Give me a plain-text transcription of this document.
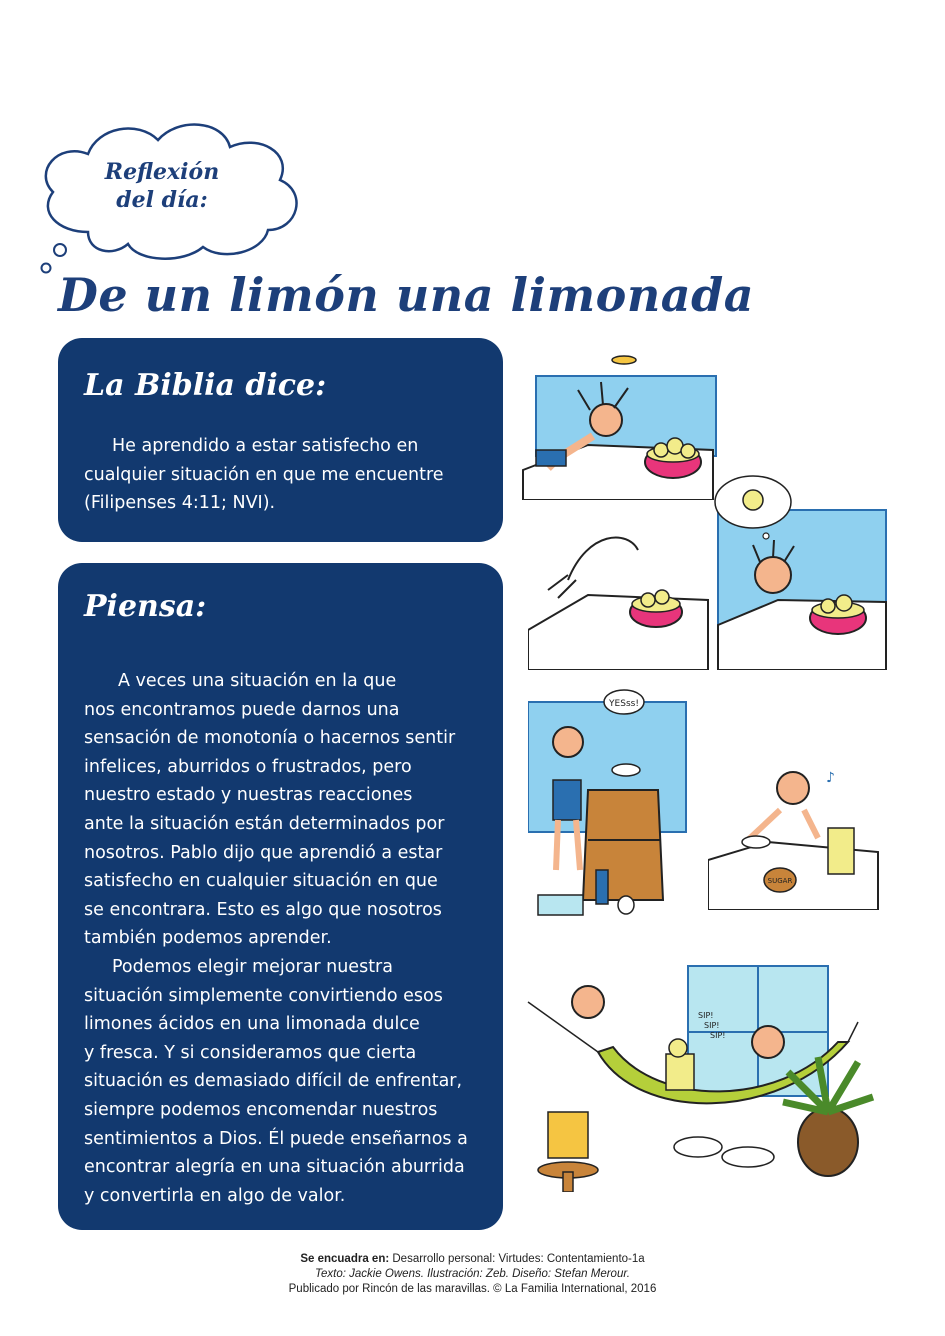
Reflexión
del día:
De un limón una limonada
La Biblia dice:
He aprendido a estar satisfecho en
cualquier situación en que me encuentre
(Filipenses 4:11; NVI).
Piensa:
A veces una situación en la que
nos encontramos puede darnos una
sensación de monotonía o hacernos sentir
infelices, aburridos o frustrados, pero
nuestro estado y nuestras reacciones
ante la situación están determinados por
nosotros. Pablo dijo que aprendió a estar
satisfecho en cualquier situación en que
se encontrara. Esto es algo que nosotros
también podemos aprender.
Podemos elegir mejorar nuestra
situación simplemente convirtiendo esos
limones ácidos en una limonada dulce
y fresca. Y si consideramos que cierta
situación es demasiado difícil de enfrentar,
siempre podemos encomendar nuestros
sentimientos a Dios. Él puede enseñarnos a
encontrar alegría en una situación aburrida
y convertirla en algo de valor.
YESss!
SUGAR
♪
SIP!
SIP!
SIP!
Se encuadra en: Desarrollo personal: Virtudes: Contentamiento-1a
Texto: Jackie Owens. Ilustración: Zeb. Diseño: Stefan Merour.
Publicado por Rincón de las maravillas. © La Familia International, 2016
